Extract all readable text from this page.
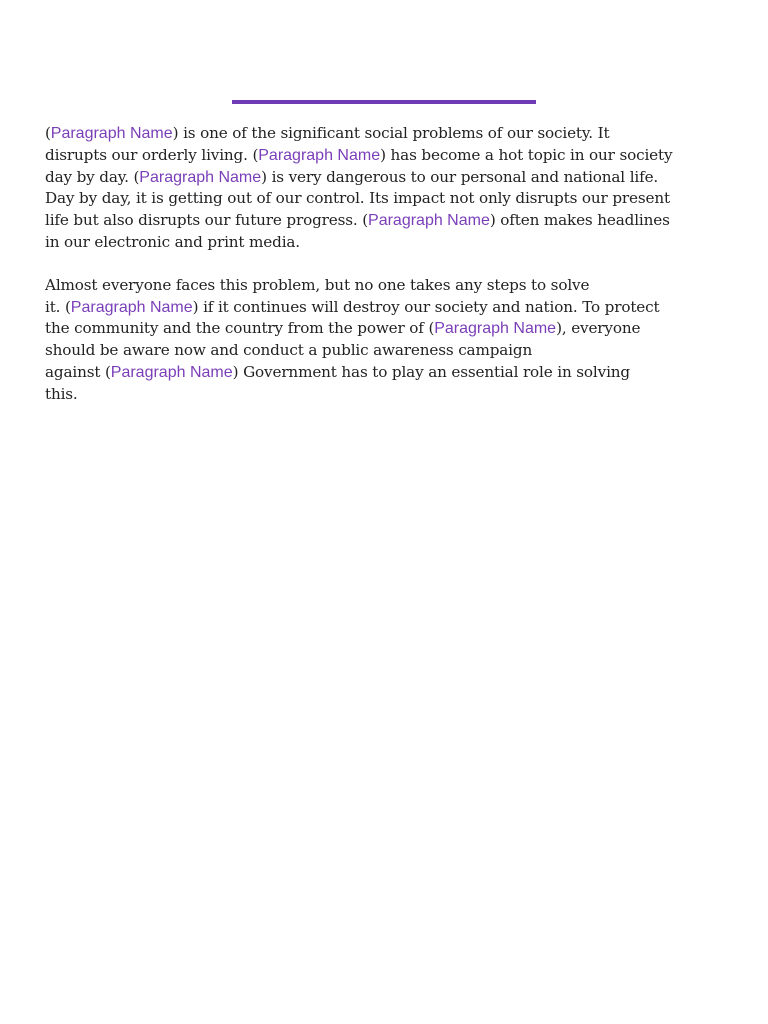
(Paragraph Name) is one of the significant social problems of our society. It
disrupts our orderly living. (Paragraph Name) has become a hot topic in our society
day by day. (Paragraph Name) is very dangerous to our personal and national life.
Day by day, it is getting out of our control. Its impact not only disrupts our present
life but also disrupts our future progress. (Paragraph Name) often makes headlines
in our electronic and print media.

Almost everyone faces this problem, but no one takes any steps to solve
it. (Paragraph Name) if it continues will destroy our society and nation. To protect
the community and the country from the power of (Paragraph Name), everyone
should be aware now and conduct a public awareness campaign
against (Paragraph Name) Government has to play an essential role in solving
this.
